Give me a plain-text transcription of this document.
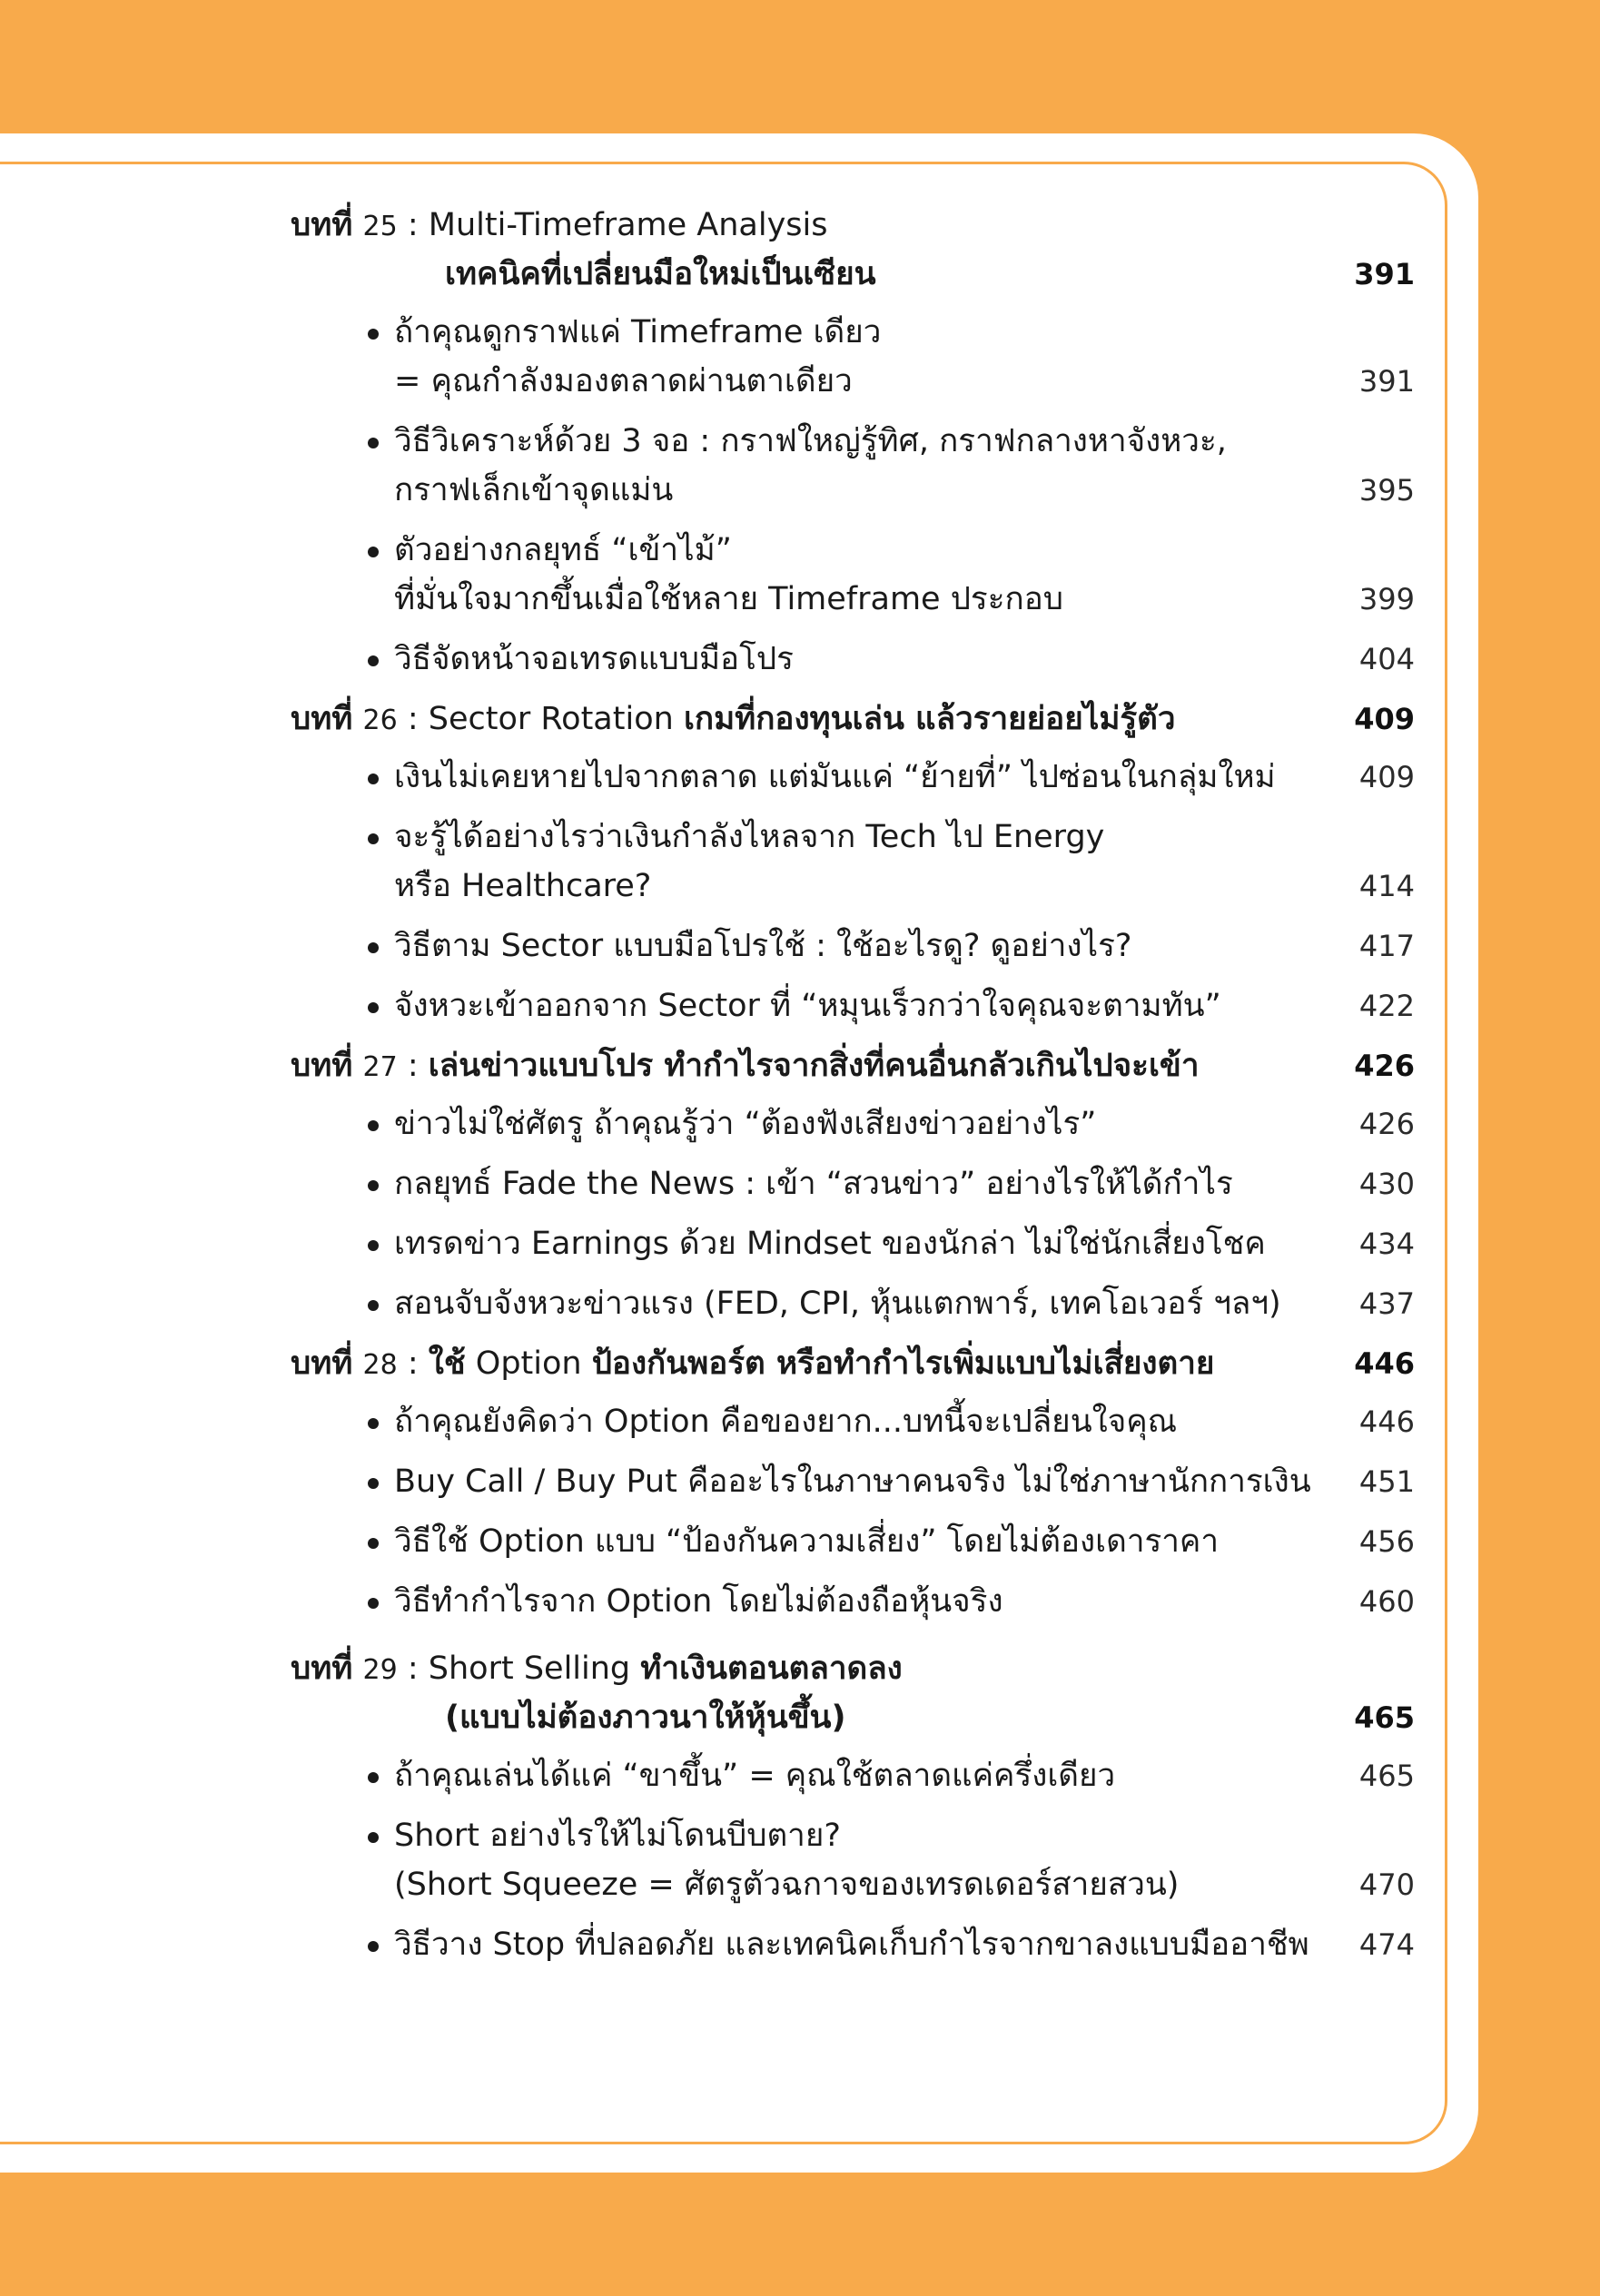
บทที่ 25 : Multi-Timeframe Analysis
เทคนิคที่เปลี่ยนมือใหม่เป็นเซียน	391
ถ้าคุณดูกราฟแค่ Timeframe เดียว
= คุณกำลังมองตลาดผ่านตาเดียว	391
วิธีวิเคราะห์ด้วย 3 จอ : กราฟใหญ่รู้ทิศ, กราฟกลางหาจังหวะ,
กราฟเล็กเข้าจุดแม่น	395
ตัวอย่างกลยุทธ์ “เข้าไม้”
ที่มั่นใจมากขึ้นเมื่อใช้หลาย Timeframe ประกอบ	399
วิธีจัดหน้าจอเทรดแบบมือโปร	404
บทที่ 26 : Sector Rotation เกมที่กองทุนเล่น แล้วรายย่อยไม่รู้ตัว	409
เงินไม่เคยหายไปจากตลาด แต่มันแค่ “ย้ายที่” ไปซ่อนในกลุ่มใหม่	409
จะรู้ได้อย่างไรว่าเงินกำลังไหลจาก Tech ไป Energy
หรือ Healthcare?	414
วิธีตาม Sector แบบมือโปรใช้ : ใช้อะไรดู? ดูอย่างไร?	417
จังหวะเข้าออกจาก Sector ที่ “หมุนเร็วกว่าใจคุณจะตามทัน”	422
บทที่ 27 : เล่นข่าวแบบโปร ทำกำไรจากสิ่งที่คนอื่นกลัวเกินไปจะเข้า	426
ข่าวไม่ใช่ศัตรู ถ้าคุณรู้ว่า “ต้องฟังเสียงข่าวอย่างไร”	426
กลยุทธ์ Fade the News : เข้า “สวนข่าว” อย่างไรให้ได้กำไร	430
เทรดข่าว Earnings ด้วย Mindset ของนักล่า ไม่ใช่นักเสี่ยงโชค	434
สอนจับจังหวะข่าวแรง (FED, CPI, หุ้นแตกพาร์, เทคโอเวอร์ ฯลฯ)	437
บทที่ 28 : ใช้ Option ป้องกันพอร์ต หรือทำกำไรเพิ่มแบบไม่เสี่ยงตาย	446
ถ้าคุณยังคิดว่า Option คือของยาก...บทนี้จะเปลี่ยนใจคุณ	446
Buy Call / Buy Put คืออะไรในภาษาคนจริง ไม่ใช่ภาษานักการเงิน	451
วิธีใช้ Option แบบ “ป้องกันความเสี่ยง” โดยไม่ต้องเดาราคา	456
วิธีทำกำไรจาก Option โดยไม่ต้องถือหุ้นจริง	460
บทที่ 29 : Short Selling ทำเงินตอนตลาดลง
(แบบไม่ต้องภาวนาให้หุ้นขึ้น)	465
ถ้าคุณเล่นได้แค่ “ขาขึ้น” = คุณใช้ตลาดแค่ครึ่งเดียว	465
Short อย่างไรให้ไม่โดนบีบตาย?
(Short Squeeze = ศัตรูตัวฉกาจของเทรดเดอร์สายสวน)	470
วิธีวาง Stop ที่ปลอดภัย และเทคนิคเก็บกำไรจากขาลงแบบมืออาชีพ	474
